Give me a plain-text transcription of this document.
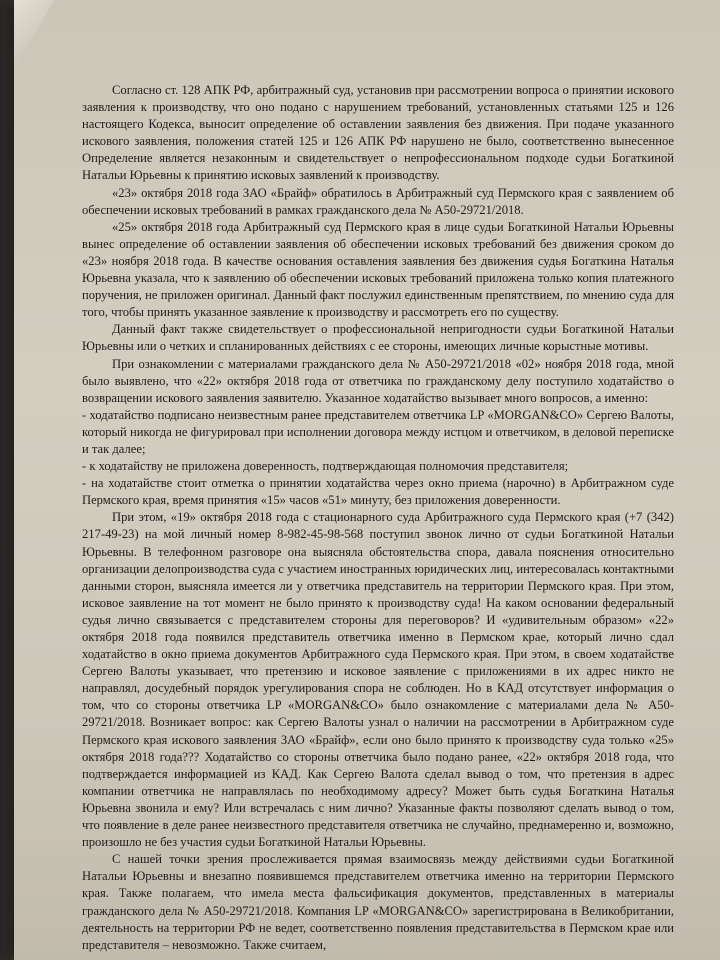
Согласно ст. 128 АПК РФ, арбитражный суд, установив при рассмотрении вопроса о принятии искового заявления к производству, что оно подано с нарушением требований, установленных статьями 125 и 126 настоящего Кодекса, выносит определение об оставлении заявления без движения. При подаче указанного искового заявления, положения статей 125 и 126 АПК РФ нарушено не было, соответственно вынесенное Определение является незаконным и свидетельствует о непрофессиональном подходе судьи Богаткиной Натальи Юрьевны к принятию исковых заявлений к производству.

«23» октября 2018 года ЗАО «Брайф» обратилось в Арбитражный суд Пермского края с заявлением об обеспечении исковых требований в рамках гражданского дела № А50-29721/2018.

«25» октября 2018 года Арбитражный суд Пермского края в лице судьи Богаткиной Натальи Юрьевны вынес определение об оставлении заявления об обеспечении исковых требований без движения сроком до «23» ноября 2018 года. В качестве основания оставления заявления без движения судья Богаткина Наталья Юрьевна указала, что к заявлению об обеспечении исковых требований приложена только копия платежного поручения, не приложен оригинал. Данный факт послужил единственным препятствием, по мнению суда для того, чтобы принять указанное заявление к производству и рассмотреть его по существу.

Данный факт также свидетельствует о профессиональной непригодности судьи Богаткиной Натальи Юрьевны или о четких и спланированных действиях с ее стороны, имеющих личные корыстные мотивы.

При ознакомлении с материалами гражданского дела № А50-29721/2018 «02» ноября 2018 года, мной было выявлено, что «22» октября 2018 года от ответчика по гражданскому делу поступило ходатайство о возвращении искового заявления заявителю. Указанное ходатайство вызывает много вопросов, а именно:

- ходатайство подписано неизвестным ранее представителем ответчика LP «MORGAN&CO» Сергею Валоты, который никогда не фигурировал при исполнении договора между истцом и ответчиком, в деловой переписке и так далее;

- к ходатайству не приложена доверенность, подтверждающая полномочия представителя;

- на ходатайстве стоит отметка о принятии ходатайства через окно приема (нарочно) в Арбитражном суде Пермского края, время принятия «15» часов «51» минуту, без приложения доверенности.

При этом, «19» октября 2018 года с стационарного суда Арбитражного суда Пермского края (+7 (342) 217-49-23) на мой личный номер 8-982-45-98-568 поступил звонок лично от судьи Богаткиной Натальи Юрьевны. В телефонном разговоре она выясняла обстоятельства спора, давала пояснения относительно организации делопроизводства суда с участием иностранных юридических лиц, интересовалась контактными данными сторон, выясняла имеется ли у ответчика представитель на территории Пермского края. При этом, исковое заявление на тот момент не было принято к производству суда! На каком основании федеральный судья лично связывается с представителем стороны для переговоров? И «удивительным образом» «22» октября 2018 года появился представитель ответчика именно в Пермском крае, который лично сдал ходатайство в окно приема документов Арбитражного суда Пермского края. При этом, в своем ходатайстве Сергею Валоты указывает, что претензию и исковое заявление с приложениями в их адрес никто не направлял, досудебный порядок урегулирования спора не соблюден. Но в КАД отсутствует информация о том, что со стороны ответчика LP «MORGAN&CO» было ознакомление с материалами дела № А50-29721/2018. Возникает вопрос: как Сергею Валоты узнал о наличии на рассмотрении в Арбитражном суде Пермского края искового заявления ЗАО «Брайф», если оно было принято к производству суда только «25» октября 2018 года??? Ходатайство со стороны ответчика было подано ранее, «22» октября 2018 года, что подтверждается информацией из КАД. Как Сергею Валота сделал вывод о том, что претензия в адрес компании ответчика не направлялась по необходимому адресу? Может быть судья Богаткина Наталья Юрьевна звонила и ему? Или встречалась с ним лично? Указанные факты позволяют сделать вывод о том, что появление в деле ранее неизвестного представителя ответчика не случайно, преднамеренно и, возможно, произошло не без участия судьи Богаткиной Натальи Юрьевны.

С нашей точки зрения прослеживается прямая взаимосвязь между действиями судьи Богаткиной Натальи Юрьевны и внезапно появившемся представителем ответчика именно на территории Пермского края. Также полагаем, что имела места фальсификация документов, представленных в материалы гражданского дела № А50-29721/2018. Компания LP «MORGAN&CO» зарегистрирована в Великобритании, деятельность на территории РФ не ведет, соответственно появления представительства в Пермском крае или представителя – невозможно. Также считаем,
